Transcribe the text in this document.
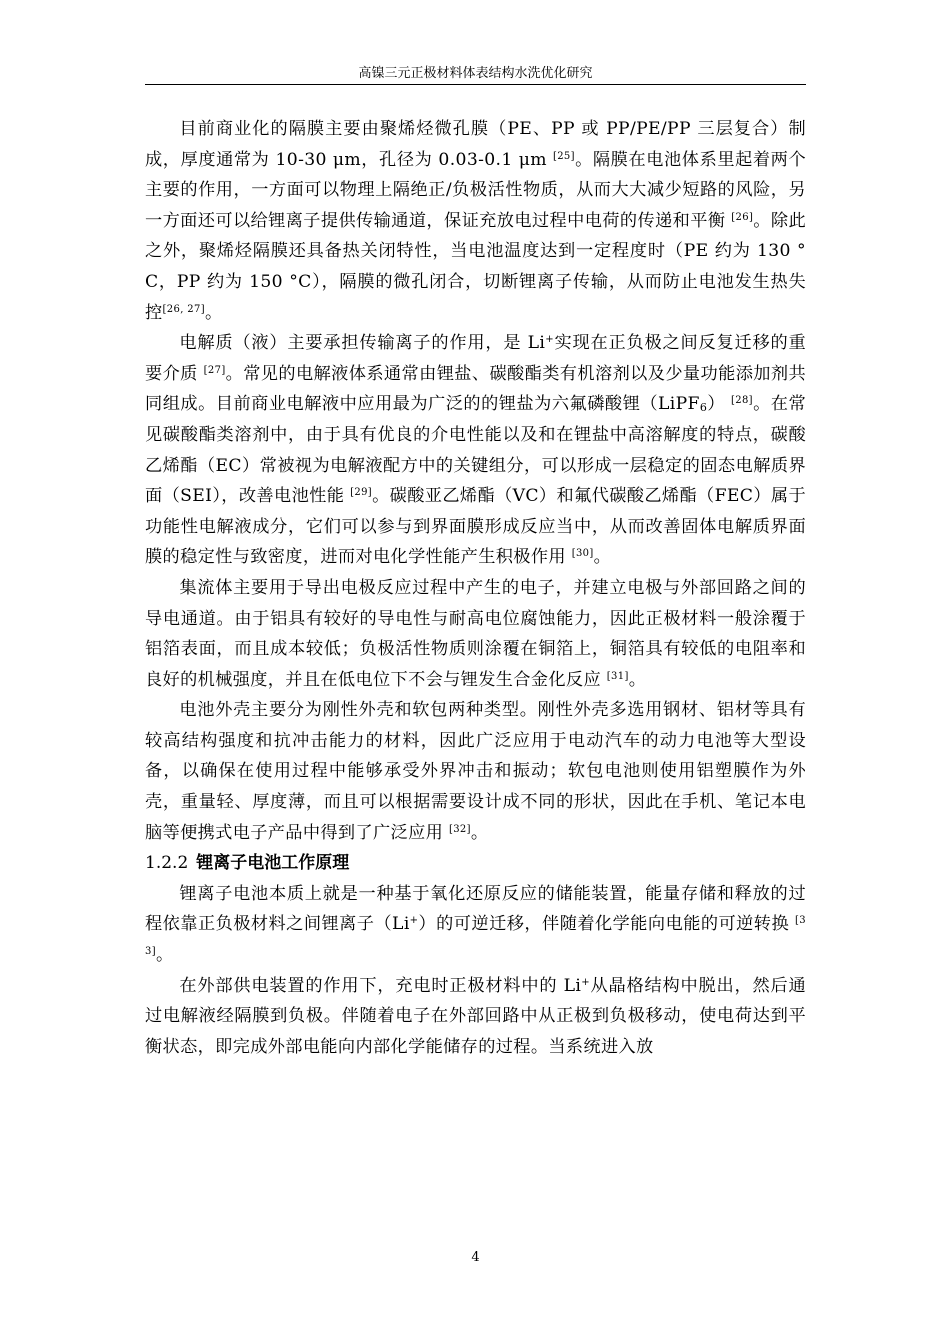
高镍三元正极材料体表结构水洗优化研究

目前商业化的隔膜主要由聚烯烃微孔膜（PE、PP 或 PP/PE/PP 三层复合）制成，厚度通常为 10-30 μm，孔径为 0.03-0.1 μm [25]。隔膜在电池体系里起着两个主要的作用，一方面可以物理上隔绝正/负极活性物质，从而大大减少短路的风险，另一方面还可以给锂离子提供传输通道，保证充放电过程中电荷的传递和平衡 [26]。除此之外，聚烯烃隔膜还具备热关闭特性，当电池温度达到一定程度时（PE 约为 130 °C，PP 约为 150 °C），隔膜的微孔闭合，切断锂离子传输，从而防止电池发生热失控[26, 27]。

电解质（液）主要承担传输离子的作用，是 Li+实现在正负极之间反复迁移的重要介质 [27]。常见的电解液体系通常由锂盐、碳酸酯类有机溶剂以及少量功能添加剂共同组成。目前商业电解液中应用最为广泛的的锂盐为六氟磷酸锂（LiPF$_6$） [28]。在常见碳酸酯类溶剂中，由于具有优良的介电性能以及和在锂盐中高溶解度的特点，碳酸乙烯酯（EC）常被视为电解液配方中的关键组分，可以形成一层稳定的固态电解质界面（SEI），改善电池性能 [29]。碳酸亚乙烯酯（VC）和氟代碳酸乙烯酯（FEC）属于功能性电解液成分，它们可以参与到界面膜形成反应当中，从而改善固体电解质界面膜的稳定性与致密度，进而对电化学性能产生积极作用 [30]。

集流体主要用于导出电极反应过程中产生的电子，并建立电极与外部回路之间的导电通道。由于铝具有较好的导电性与耐高电位腐蚀能力，因此正极材料一般涂覆于铝箔表面，而且成本较低；负极活性物质则涂覆在铜箔上，铜箔具有较低的电阻率和良好的机械强度，并且在低电位下不会与锂发生合金化反应 [31]。

电池外壳主要分为刚性外壳和软包两种类型。刚性外壳多选用钢材、铝材等具有较高结构强度和抗冲击能力的材料，因此广泛应用于电动汽车的动力电池等大型设备，以确保在使用过程中能够承受外界冲击和振动；软包电池则使用铝塑膜作为外壳，重量轻、厚度薄，而且可以根据需要设计成不同的形状，因此在手机、笔记本电脑等便携式电子产品中得到了广泛应用 [32]。

1.2.2 锂离子电池工作原理

锂离子电池本质上就是一种基于氧化还原反应的储能装置，能量存储和释放的过程依靠正负极材料之间锂离子（Li+）的可逆迁移，伴随着化学能向电能的可逆转换 [33]。

在外部供电装置的作用下，充电时正极材料中的 Li+从晶格结构中脱出，然后通过电解液经隔膜到负极。伴随着电子在外部回路中从正极到负极移动，使电荷达到平衡状态，即完成外部电能向内部化学能储存的过程。当系统进入放

4
